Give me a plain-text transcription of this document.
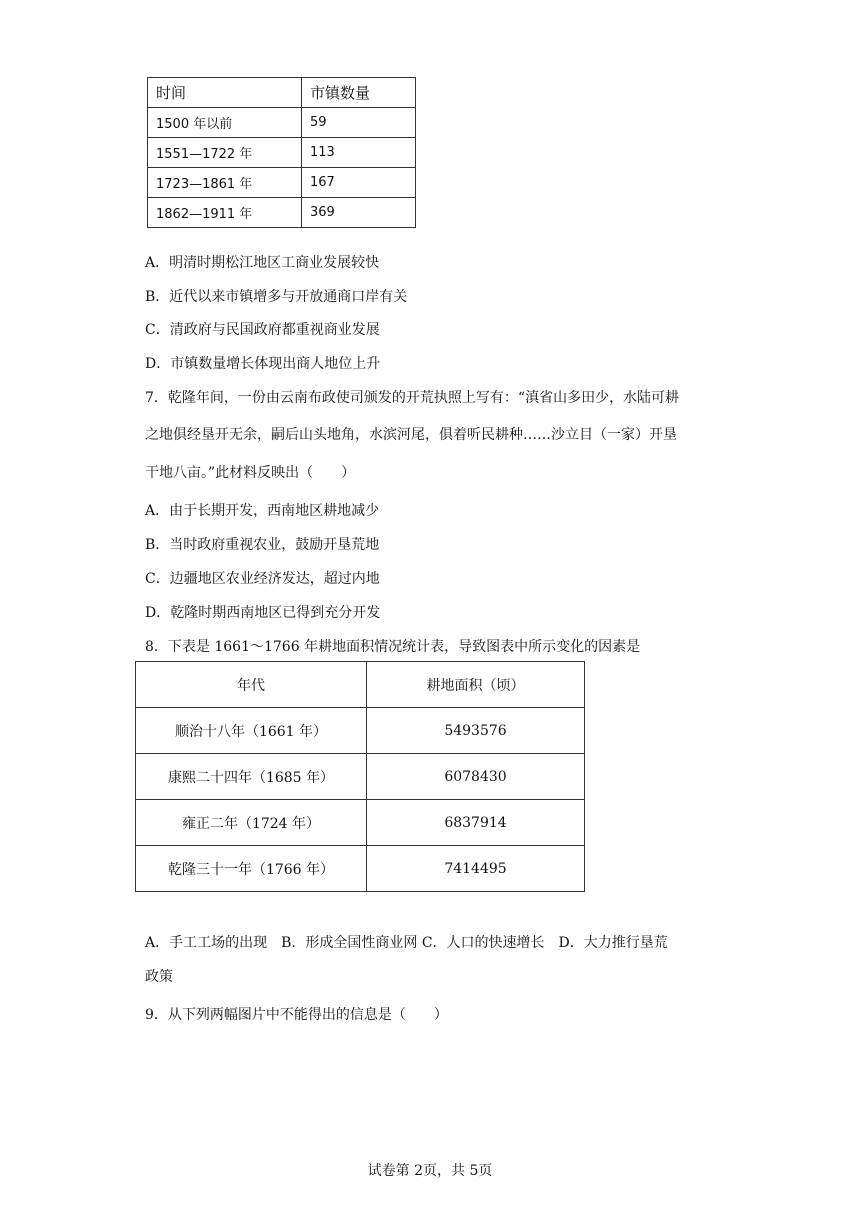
时间	市镇数量
1500 年以前	59
1551—1722 年	113
1723—1861 年	167
1862—1911 年	369
A．明清时期松江地区工商业发展较快
B．近代以来市镇增多与开放通商口岸有关
C．清政府与民国政府都重视商业发展
D．市镇数量增长体现出商人地位上升
7．乾隆年间，一份由云南布政使司颁发的开荒执照上写有：“滇省山多田少，水陆可耕
之地俱经垦开无余，嗣后山头地角，水滨河尾，俱着听民耕种……沙立目（一家）开垦
干地八亩。”此材料反映出（　　）
A．由于长期开发，西南地区耕地减少
B．当时政府重视农业，鼓励开垦荒地
C．边疆地区农业经济发达，超过内地
D．乾隆时期西南地区已得到充分开发
8．下表是 1661～1766 年耕地面积情况统计表，导致图表中所示变化的因素是
年代	耕地面积（顷）
顺治十八年（1661 年）	5493576
康熙二十四年（1685 年）	6078430
雍正二年（1724 年）	6837914
乾隆三十一年（1766 年）	7414495
A．手工工场的出现　B．形成全国性商业网 C．人口的快速增长　D．大力推行垦荒
政策
9．从下列两幅图片中不能得出的信息是（　　）
试卷第 2页，共 5页
